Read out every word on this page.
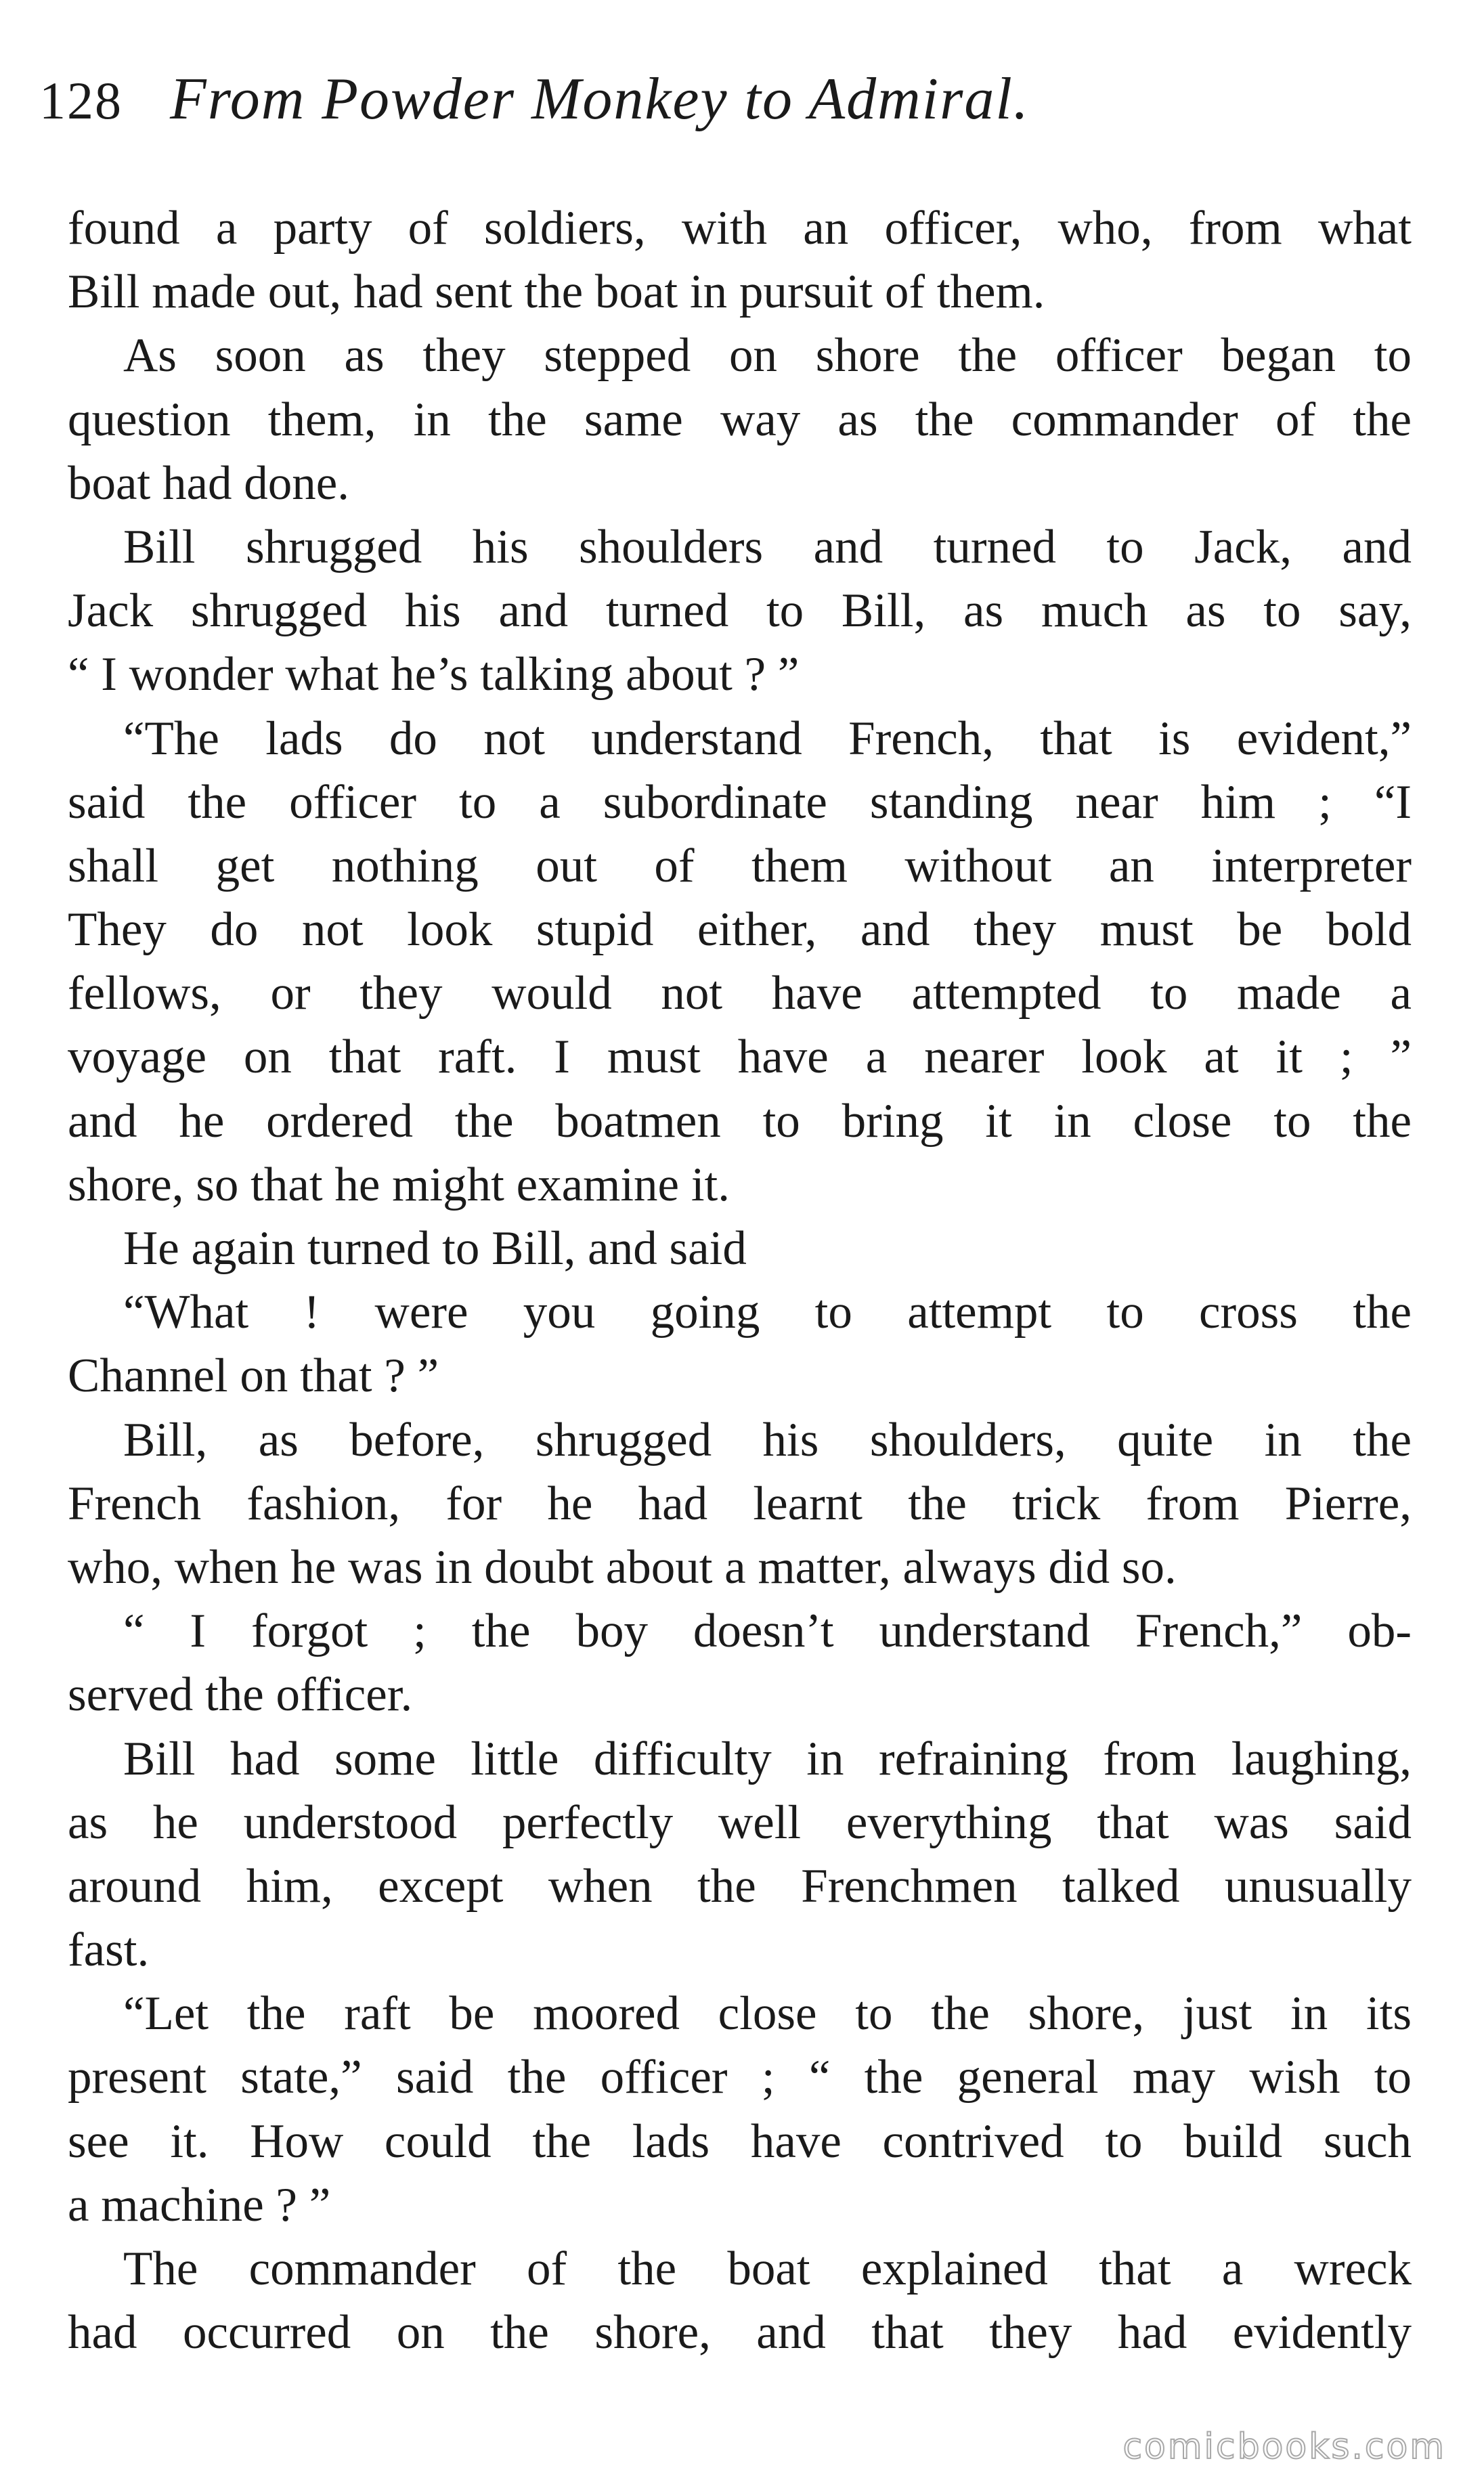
128 From Powder Monkey to Admiral.
found a party of soldiers, with an officer, who, from what
Bill made out, had sent the boat in pursuit of them.
As soon as they stepped on shore the officer began to
question them, in the same way as the commander of the
boat had done.
Bill shrugged his shoulders and turned to Jack, and
Jack shrugged his and turned to Bill, as much as to say,
“ I wonder what he’s talking about ? ”
“The lads do not understand French, that is evident,”
said the officer to a subordinate standing near him ; “I
shall get nothing out of them without an interpreter
They do not look stupid either, and they must be bold
fellows, or they would not have attempted to made a
voyage on that raft. I must have a nearer look at it ; ”
and he ordered the boatmen to bring it in close to the
shore, so that he might examine it.
He again turned to Bill, and said
“What ! were you going to attempt to cross the
Channel on that ? ”
Bill, as before, shrugged his shoulders, quite in the
French fashion, for he had learnt the trick from Pierre,
who, when he was in doubt about a matter, always did so.
“ I forgot ; the boy doesn’t understand French,” ob-
served the officer.
Bill had some little difficulty in refraining from laughing,
as he understood perfectly well everything that was said
around him, except when the Frenchmen talked unusually
fast.
“Let the raft be moored close to the shore, just in its
present state,” said the officer ; “ the general may wish to
see it. How could the lads have contrived to build such
a machine ? ”
The commander of the boat explained that a wreck
had occurred on the shore, and that they had evidently
comicbooks.com
